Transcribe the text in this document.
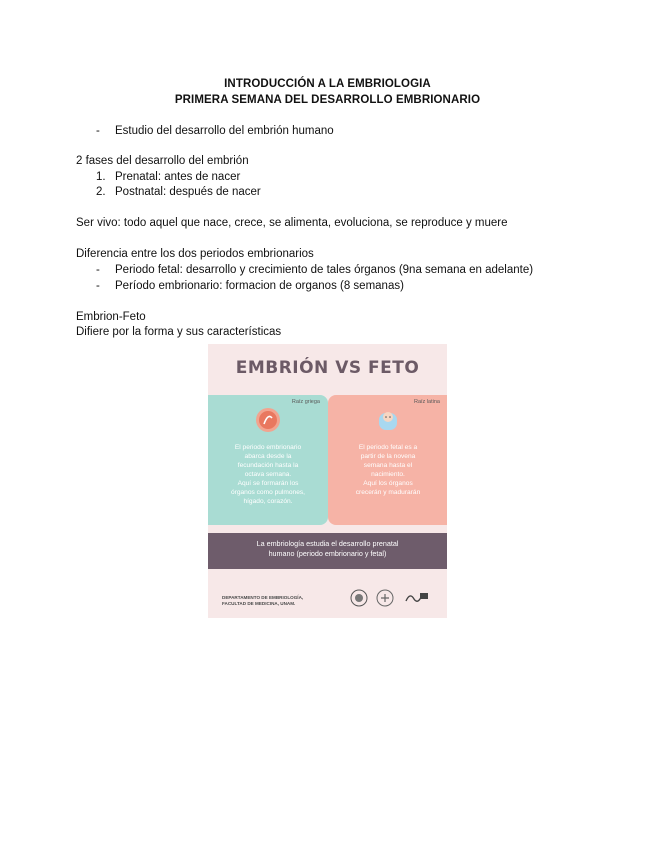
INTRODUCCIÓN A LA EMBRIOLOGIA
PRIMERA SEMANA DEL DESARROLLO EMBRIONARIO
- Estudio del desarrollo del embrión humano
2 fases del desarrollo del embrión
1. Prenatal: antes de nacer
2. Postnatal: después de nacer
Ser vivo: todo aquel que nace, crece, se alimenta, evoluciona, se reproduce y muere
Diferencia entre los dos periodos embrionarios
- Periodo fetal: desarrollo y crecimiento de tales órganos (9na semana en adelante)
- Período embrionario: formacion de organos (8 semanas)
Embrion-Feto
Difiere por la forma y sus características
EMBRIÓN VS FETO
Raíz griega
El periodo embrionario
abarca desde la
fecundación hasta la
octava semana.
Aquí se formarán los
órganos como pulmones,
hígado, corazón.
Raíz latina
El periodo fetal es a
partir de la novena
semana hasta el
nacimiento.
Aquí los órganos
crecerán y madurarán
La embriología estudia el desarrollo prenatal
humano (periodo embrionario y fetal)
DEPARTAMENTO DE EMBRIOLOGÍA,
FACULTAD DE MEDICINA, UNAM.
